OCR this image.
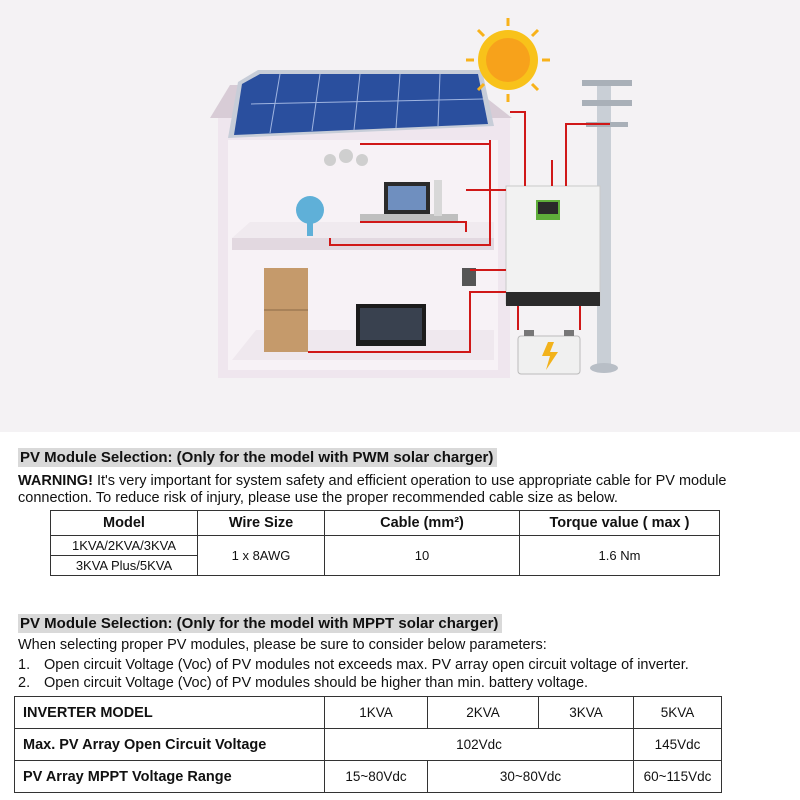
PV Module Selection: (Only for the model with PWM solar charger)
WARNING! It's very important for system safety and efficient operation to use appropriate cable for PV module connection. To reduce risk of injury, please use the proper recommended cable size as below.
Model	Wire Size	Cable (mm²)	Torque value ( max )
1KVA/2KVA/3KVA	1 x 8AWG	10	1.6 Nm
3KVA Plus/5KVA			
PV Module Selection: (Only for the model with MPPT solar charger)
When selecting proper PV modules, please be sure to consider below parameters:
1. Open circuit Voltage (Voc) of PV modules not exceeds max. PV array open circuit voltage of inverter.
2. Open circuit Voltage (Voc) of PV modules should be higher than min. battery voltage.
INVERTER MODEL	1KVA	2KVA	3KVA	5KVA
Max. PV Array Open Circuit Voltage	102Vdc			145Vdc
PV Array MPPT Voltage Range	15~80Vdc	30~80Vdc		60~115Vdc
